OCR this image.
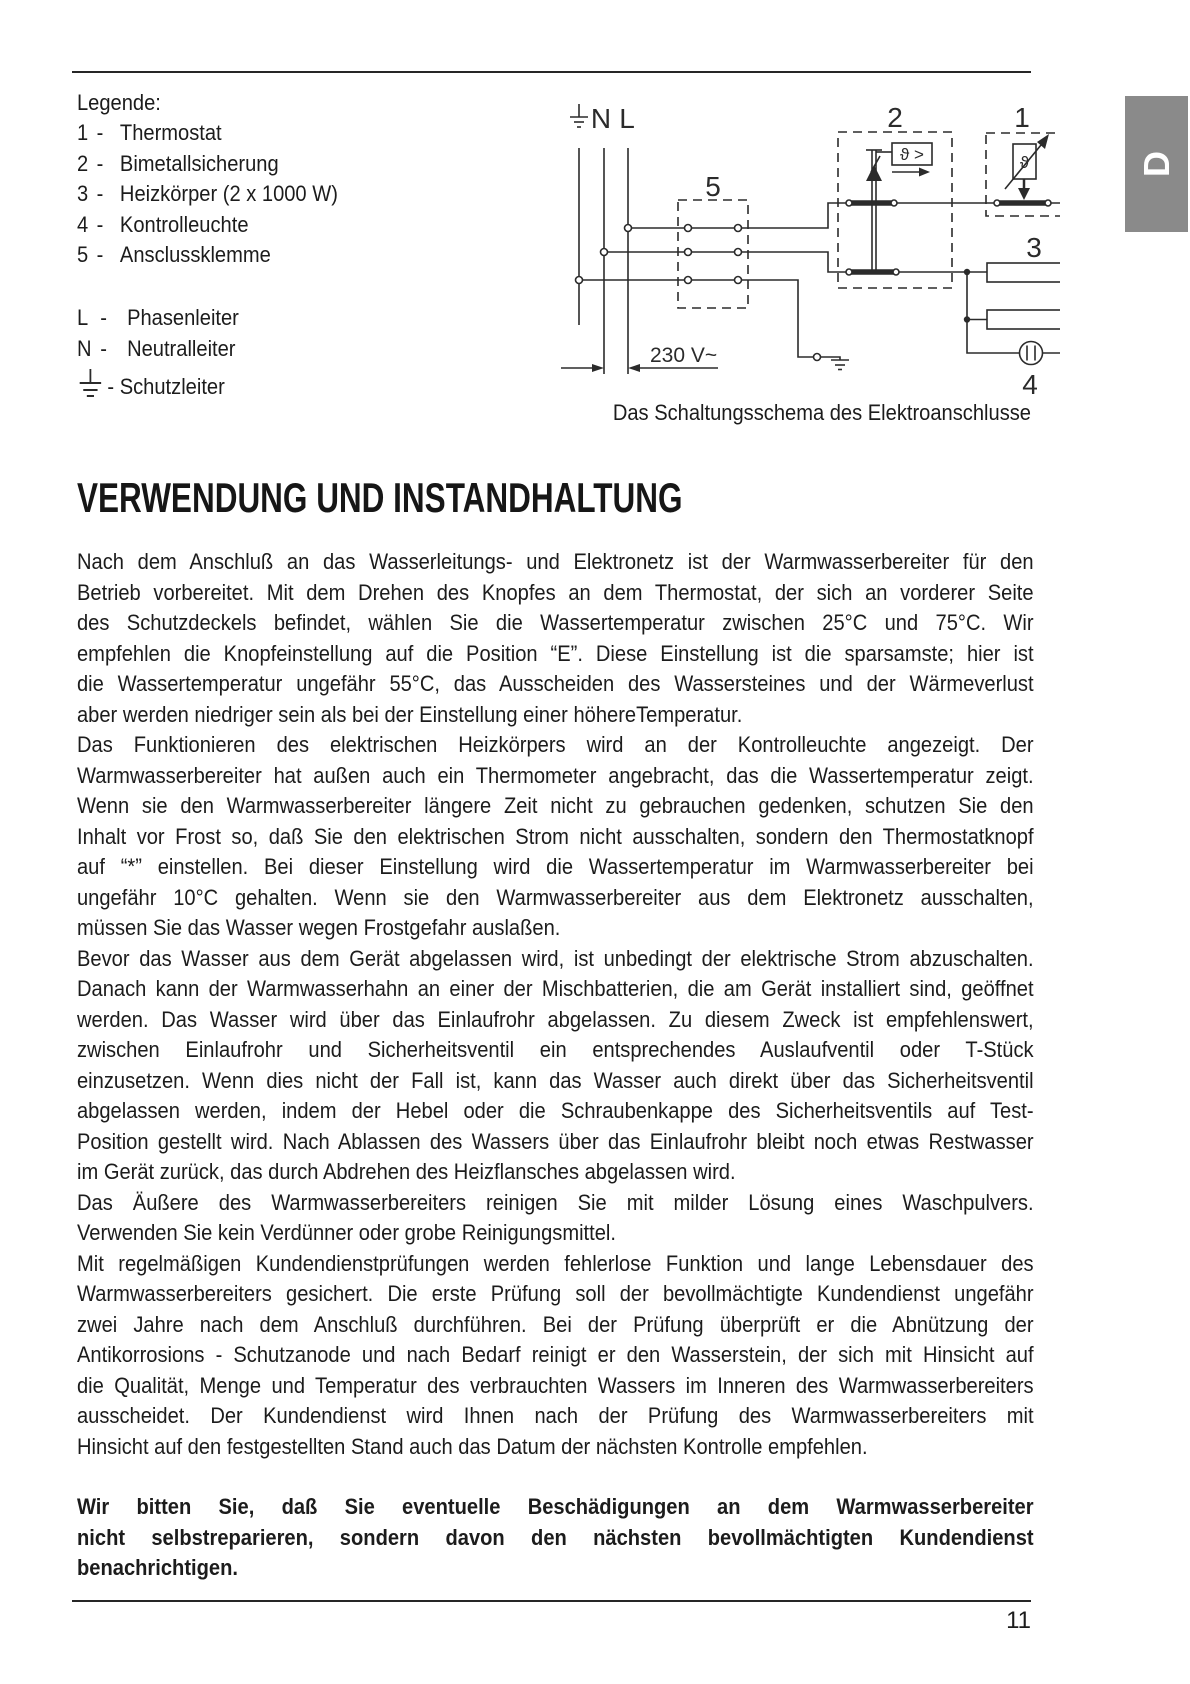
Legende:
1 - Thermostat
2 - Bimetallsicherung
3 - Heizkörper (2 x 1000 W)
4 - Kontrolleuchte
5 - Ansclussklemme
L - Phasenleiter
N - Neutralleiter
- Schutzleiter
N L
5
2	1
3
4
230 V~
ϑ >	ϑ	D
Das Schaltungsschema des Elektroanschlusse
VERWENDUNG UND INSTANDHALTUNG
Nach dem Anschluß an das Wasserleitungs- und Elektronetz ist der Warmwasserbereiter für den
Betrieb vorbereitet. Mit dem Drehen des Knopfes an dem Thermostat, der sich an vorderer Seite
des Schutzdeckels befindet, wählen Sie die Wassertemperatur zwischen 25°C und 75°C. Wir
empfehlen die Knopfeinstellung auf die Position “E”. Diese Einstellung ist die sparsamste; hier ist
die Wassertemperatur ungefähr 55°C, das Ausscheiden des Wassersteines und der Wärmeverlust
aber werden niedriger sein als bei der Einstellung einer höhereTemperatur.
Das Funktionieren des elektrischen Heizkörpers wird an der Kontrolleuchte angezeigt. Der
Warmwasserbereiter hat außen auch ein Thermometer angebracht, das die Wassertemperatur zeigt.
Wenn sie den Warmwasserbereiter längere Zeit nicht zu gebrauchen gedenken, schutzen Sie den
Inhalt vor Frost so, daß Sie den elektrischen Strom nicht ausschalten, sondern den Thermostatknopf
auf “*” einstellen. Bei dieser Einstellung wird die Wassertemperatur im Warmwasserbereiter bei
ungefähr 10°C gehalten. Wenn sie den Warmwasserbereiter aus dem Elektronetz ausschalten,
müssen Sie das Wasser wegen Frostgefahr auslaßen.
Bevor das Wasser aus dem Gerät abgelassen wird, ist unbedingt der elektrische Strom abzuschalten.
Danach kann der Warmwasserhahn an einer der Mischbatterien, die am Gerät installiert sind, geöffnet
werden. Das Wasser wird über das Einlaufrohr abgelassen. Zu diesem Zweck ist empfehlenswert,
zwischen Einlaufrohr und Sicherheitsventil ein entsprechendes Auslaufventil oder T-Stück
einzusetzen. Wenn dies nicht der Fall ist, kann das Wasser auch direkt über das Sicherheitsventil
abgelassen werden, indem der Hebel oder die Schraubenkappe des Sicherheitsventils auf Test-
Position gestellt wird. Nach Ablassen des Wassers über das Einlaufrohr bleibt noch etwas Restwasser
im Gerät zurück, das durch Abdrehen des Heizflansches abgelassen wird.
Das Äußere des Warmwasserbereiters reinigen Sie mit milder Lösung eines Waschpulvers.
Verwenden Sie kein Verdünner oder grobe Reinigungsmittel.
Mit regelmäßigen Kundendienstprüfungen werden fehlerlose Funktion und lange Lebensdauer des
Warmwasserbereiters gesichert. Die erste Prüfung soll der bevollmächtigte Kundendienst ungefähr
zwei Jahre nach dem Anschluß durchführen. Bei der Prüfung überprüft er die Abnützung der
Antikorrosions - Schutzanode und nach Bedarf reinigt er den Wasserstein, der sich mit Hinsicht auf
die Qualität, Menge und Temperatur des verbrauchten Wassers im Inneren des Warmwasserbereiters
ausscheidet. Der Kundendienst wird Ihnen nach der Prüfung des Warmwasserbereiters mit
Hinsicht auf den festgestellten Stand auch das Datum der nächsten Kontrolle empfehlen.
Wir bitten Sie, daß Sie eventuelle Beschädigungen an dem Warmwasserbereiter
nicht selbstreparieren, sondern davon den nächsten bevollmächtigten Kundendienst
benachrichtigen.
11
